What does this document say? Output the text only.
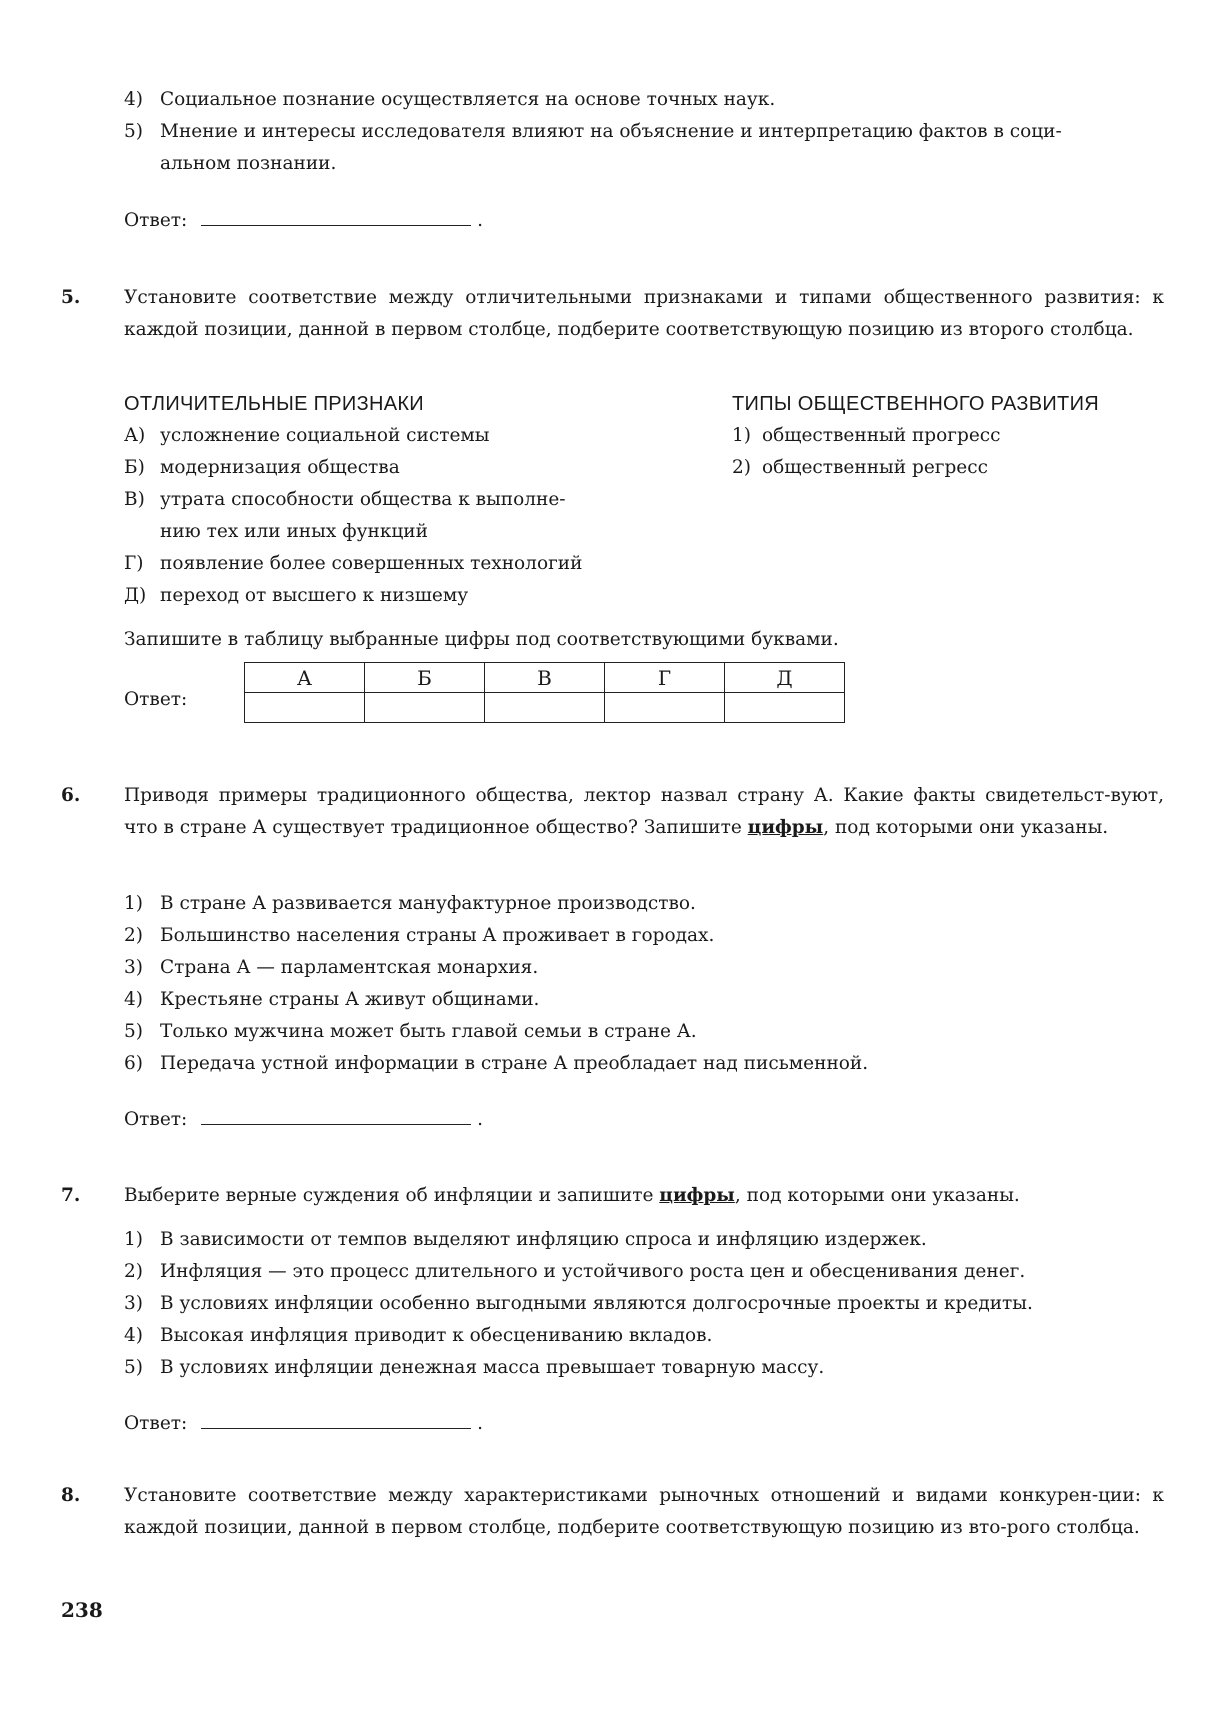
4) Социальное познание осуществляется на основе точных наук.
5) Мнение и интересы исследователя влияют на объяснение и интерпретацию фактов в соци-
альном познании.
Ответ:	.
5. Установите соответствие между отличительными признаками и типами общественного развития: к каждой позиции, данной в первом столбце, подберите соответствующую позицию из второго столбца.
ОТЛИЧИТЕЛЬНЫЕ ПРИЗНАКИ	ТИПЫ ОБЩЕСТВЕННОГО РАЗВИТИЯ
А) усложнение социальной системы
Б) модернизация общества
В) утрата способности общества к выполне-
нию тех или иных функций
Г) появление более совершенных технологий
Д) переход от высшего к низшему
1) общественный прогресс
2) общественный регресс
Запишите в таблицу выбранные цифры под соответствующими буквами.
Ответ:
А	Б	В	Г	Д

6. Приводя примеры традиционного общества, лектор назвал страну А. Какие факты свидетельст-вуют, что в стране А существует традиционное общество? Запишите цифры, под которыми они указаны.
1) В стране А развивается мануфактурное производство.
2) Большинство населения страны А проживает в городах.
3) Страна А — парламентская монархия.
4) Крестьяне страны А живут общинами.
5) Только мужчина может быть главой семьи в стране А.
6) Передача устной информации в стране А преобладает над письменной.
Ответ:	.
7. Выберите верные суждения об инфляции и запишите цифры, под которыми они указаны.
1) В зависимости от темпов выделяют инфляцию спроса и инфляцию издержек.
2) Инфляция — это процесс длительного и устойчивого роста цен и обесценивания денег.
3) В условиях инфляции особенно выгодными являются долгосрочные проекты и кредиты.
4) Высокая инфляция приводит к обесцениванию вкладов.
5) В условиях инфляции денежная масса превышает товарную массу.
Ответ:	.
8. Установите соответствие между характеристиками рыночных отношений и видами конкурен-ции: к каждой позиции, данной в первом столбце, подберите соответствующую позицию из вто-рого столбца.
238
